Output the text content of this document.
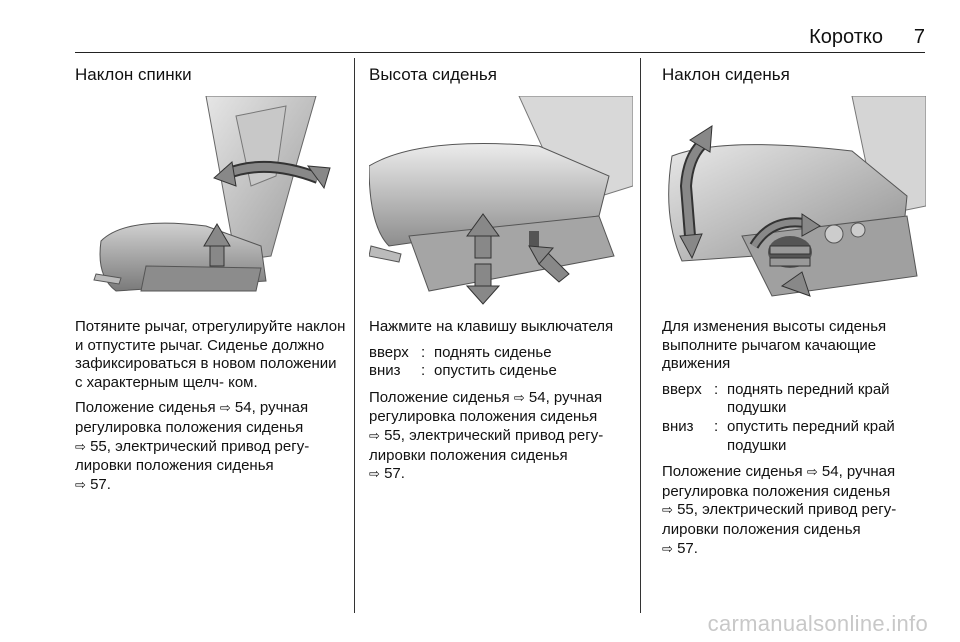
Коротко 7
Наклон спинки

Потяните рычаг, отрегулируйте наклон и отпустите рычаг. Сиденье должно зафиксироваться в новом положении с характерным щелч- ком.

Положение сиденья ⇨ 54, ручная
регулировка положения сиденья
⇨ 55, электрический привод регу-
лировки положения сиденья
⇨ 57.

Высота сиденья

Нажмите на клавишу выключателя

вверх	:	поднять сиденье
вниз	:	опустить сиденье

Положение сиденья ⇨ 54, ручная
регулировка положения сиденья
⇨ 55, электрический привод регу-
лировки положения сиденья
⇨ 57.

Наклон сиденья

Для изменения высоты сиденья выполните рычагом качающие движения

вверх	:	поднять передний край подушки
вниз	:	опустить передний край подушки

Положение сиденья ⇨ 54, ручная
регулировка положения сиденья
⇨ 55, электрический привод регу-
лировки положения сиденья
⇨ 57.

carmanualsonline.info
